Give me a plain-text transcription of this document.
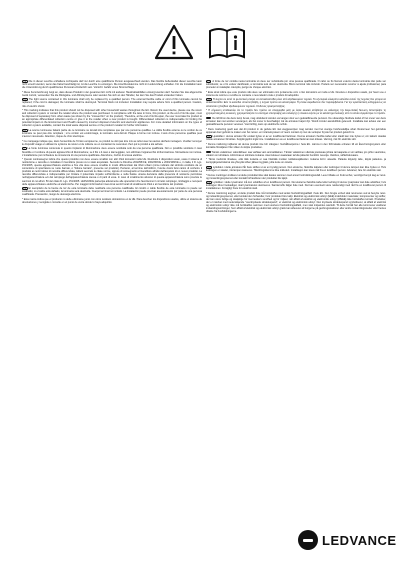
DE Die in dieser Leuchte enthaltene Lichtquelle darf nur durch eine qualifizierte Person ausgewechselt werden. Das flexible Außenkabel dieser Leuchte kann nicht ersetzt werden; wenn das Kabel beschädigt ist, ist die Leuchte zu entsorgen. Die Anschlussklemme nicht im Lieferumfang enthalten. Für die Installation kann die Unterstützung durch qualifiziertes Personal erforderlich sein. Vorsicht: Gefahr eines Stromschlags.

* Diese Kennzeichnung zeigt an, dass dieses Produkt in der gesamten EU nicht mit anderen Haushaltsabfällen entsorgt werden darf. Senden Sie das abgenutzte Gerät zurück, verwenden Sie die Rückgabe- und Abholsysteme oder wenden Sie sich an den Händler, bei dem Sie das Produkt erstanden haben.

EN The light source contained in this luminaire shall only be replaced by a qualified person. The external flexible cable or cord of this luminaire cannot be replaced; if the cord is damaged, the luminaire shall be destroyed. Terminal block not included. Installation may require advice from a qualified person. Caution, risk of electric shock.

* This marking indicates that this product should not be disposed with other household wastes throughout the EU. Return the used device, please use the return and collection system or contact the retailer where the product was purchased. In compliance with the laws in force, this product, at the end of its life-span, must be disposed of separately from urban waste (as shown by the "crossed bin" on the product). Therefore, at the end of its life-span, the user must take the product to an appropriate differentiated collection centre or give it to the retailer when a new product is bought. Differentiated collection is indispensable for limiting the potential impact on the Environment and Health caused by incorrect disposal of electric and electronic appliances. For more detailed information on the types of collection system available, contact the local waste disposal service or the product's retailer for further information.

FR La source lumineuse faisant partie de ce luminaire ne devrait être remplacée que par une personne qualifiée. Le câble flexible externe ou le cordon de ce luminaire ne peut pas être remplacé ; si le cordon est endommagé, le luminaire sera détruit. Plaque à borne non incluse. L'avis d'une personne qualifiée peut s'avérer nécessaire. Attention, risque de choc électrique.

* Ce marquage indique que, dans l'ensemble de l'Union européenne, ce produit ne doit pas être mis au rebut avec les autres déchets ménagers. Veuillez renvoyer le dispositif usagé en utilisant le système de retour et de collecte ou en contactant le revendeur chez qui le produit a été acheté.

IT La fonte luminosa contenuta in questo impianto di illuminazione deve essere sostituita solo da una persona qualificata. Non è possibile sostituire il cavo flessibile o il cordone di questo apparecchio di illuminazione; se il filo o il cavo è danneggiato, non utilizzare l'apparecchio di illuminazione. Morsettiera non inclusa. L'installazione può richiedere la consulenza di una persona qualificata. Attenzione, rischio di scossa elettrica.

* Questo contrassegno indica che questo prodotto non deve essere smaltito con altri rifiuti domestici nella UE. Restituire il dispositivo usato, usare il sistema di restituzione e raccolta o contattare il rivenditore presso cui è stato acquistato. Secondo le Direttive 2002/95/CE, 2002/96/CE e 2003/108/CE e, in Italia, il D. Lgs. 151/2005, questa apparecchiatura elettrica a fine vita deve essere smaltita in modo differenziato dai rifiuti urbani (come indicato dal simbolo costituito da un contenitore di spazzatura su ruote barrato, o "bidone barrato", presente sul prodotto). Pertanto, al termine dell'utilizzo, l'utente dovrà farsi carico di conferire il prodotto ai centri idonei di raccolta differenziata, istituiti secondo le citate norme, oppure di consegnarlo al rivenditore all'atto dell'acquisto di un nuovo prodotto. La raccolta differenziata è indispensabile per limitare il potenziale impatto sull'Ambiente e sulla Salute umana derivante dalla presenza di sostanze pericolose nell'apparecchiatura e/o dal reimpiego dell'apparecchiatura stessa o di parti di essa. In caso di smaltimento abusivo di questa apparecchiatura sono previste le sanzioni di cui all'art. 50 del citato D. Lgs. 151/2005. LEDVANCE partecipa attivamente alle operazioni che favoriscono il corretto reimpiego, riciclaggio e recupero delle apparecchiature elettriche ed elettroniche. Per maggiori informazioni inerenti ai servizi locali di smaltimento rifiuti è al rivenditore del prodotto.

ES El reemplazo de la fuente de luz de esta luminaria debe realizarla una persona cualificada. El cordón o cable flexible de esta luminaria no puede ser sustituido; si el cable está dañado, la luminaria será destruida. Cuerpo terminal no incluido. La instalación puede precisar asesoramiento por parte de una persona cualificada. Precaución, riesgo de descarga eléctrica.

* Esta marca indica que el producto no debe eliminarse junto con otros residuos domésticos en la UE. Para devolver los dispositivos usados, utilice el sistema de devoluciones y recogida o consulte en el punto de venta donde lo haya adquirido.

PT A fonte de luz contida nesta luminária só deve ser substituída por uma pessoa qualificada. O cabo ou fio flexível externo desta luminária não pode ser substituído; se o fio estiver danificado, a luminária terá de ser destruída. Bloco terminal não incluído. Poderá ser necessário recorrer à ajuda profissional, para proceder à instalação. Atenção, perigo de choque eléctrico.

* Esta sinal indica que este produto não deve ser eliminado com juntamente com o lixo doméstico em toda a UE. Devolva o dispositivo usado, por favor use o sistema de retorno e recolha ou contacte o revendedor onde o produto foi adquirido.

GR Η λυχνία σε αυτό το φωτιστικό μπορεί να αντικατασταθεί μόνο από εξειδικευμένο τεχνικό. Το εξωτερικό εύκαμπτο καλώδιο αυτού της λυχνίας δεν μπορεί να αντικατασταθεί. Εάν το καλώδιο υποστεί βλάβη, η λυχνία πρέπει να καταστραφεί. Η μπλοκ ακροδεκτών δεν περιλαμβάνεται. Για την εγκατάσταση ενδεχομένως να απαιτείται η βοήθεια εξειδικευμένου τεχνικού. Κίνδυνος ηλεκτροπληξίας.

* Η σήμανση υποδεικνύει ότι το προϊόν δεν πρέπει να απορριφθεί μαζί με άλλα οικιακά απόβλητα σε ολόκληρη την Ευρωπαϊκή Ένωση. Επιστρέψτε τη χρησιμοποιημένη συσκευή, χρησιμοποιήστε το σύστημα επιστροφής και συλλογής ή επικοινωνήστε με το κατάστημα λιανικής από το οποίο αγοράστηκε το προϊόν.

NL De lichtbron die deze lamp bevat, mag uitsluitend worden vervangen door een gekwalificeerde persoon. De uitwendige flexibele kabel of het snoer van deze armatuur kan niet worden vervangen; als het snoer is beschadigd, zal de armatuur kapot zijn. Wordt zonder aansluitblok geleverd. Installatie kan advies van een gekwalificeerde persoon vereisen. Voorzichtig, kans op elektrische schok.

* Deze markering geeft aan dat dit product in de gehele EU niet weggeworpen mag worden met het overige huishoudelijke afval. Retourneer het gebruikte apparaat door gebruik te maken van het retour- en inzamelsysteem of neem contact op met de verkoper bij wie het product gekocht is.

SE Ljuskällan i denna armatur får endast bytas ut av en kvalificerad fackman. Denna armaturs flexibla kabel eller sladd kan inte bytas ut; om kabeln skadas måste armaturen förstöras. Kopplingsplint ingår inte. Installationen av en kvalificerad fackman kan krävas. Varning, risk för elektrisk stöt.

* Denna märkning indikerar att denna produkt inte bör slängas i hushållssoporna i hela EU. Lämna in den förbrukade enheten till ett återvinningssystem eller kontakta försäljaren från vilken du köpte produkten.

FI Tämän valaisimen valonlähteen saa vaihtaa vain ammattilainen. Tämän valaisimen ulkoista joustavaa johtoa tai kaapelia ei voi vaihtaa; jos johto vaurioituu, valaisin on tuhottava. Liitinrimaa ei toimiteta mukana. Asennukseen saatetaan tarvita pätevän henkilön neuvoja. Varoitus, sähköiskuvaara.

* Tämä merkintä ilmaisee, että tätä tuotetta ei saa hävittää muiden kotitalousjätteiden mukana EU:n alueella. Palauta käytetty laite, käytä palautus- ja keräysjärjestelmää tai ota yhteyttä siihen jälleenmyyjään, jolta tuote on ostettu.

NO Lyskilden i dette armaturet får bare skiftes ut av en kyndig person. Den eksterne, fleksible kabelen eller ledningen til denne lampen kan ikke byttes ut. Hvis ledningen er skadet, må lampen kasseres. Tilkoblingsklemme ikke inkludert. Installasjon kan kreve råd fra en kvalifisert person. Advarsel, fare for elektrisk støt.

* Denne merkingen indikerer at dette produktet ikke skal kastes sammen med annet husholdningsavfall. Lever tilbake en brukt enhet, vennligst benytt deg av retur- og innsamlingssystemet eller kontakt forhandleren der produktet ble kjøpt.

DK Lyskilden i dette lysarmatur må kun udskiftes af en kvalificeret person. Det eksterne fleksible kabel eller ledning til denne lysarmatur kan ikke udskiftes; hvis ledningen bliver beskadiget, skal lysarmaturet destrueres. Samlemuffe følger ikke med. Det kan eventuelt være nødvendigt med råd fra en kvalificeret person til installationen. Forsigtig! Fare for elektrisk stød.

* Denne mærkning angiver, at dette produkt ikke må bortskaffes med andet husholdningsaffald i hele EU. Den brugte enhed skal returneres ved at benytte retur- og indsamlingssystemet, eller kontakt den forhandler, hvor produktet blev købt. Elektrisk og elektronisk udstyr (EEE) indeholder materialer, komponenter og stoffer, der kan være farlige og skadelige for menneskers sundhed og for miljøet, når affald af elektrisk og elektronisk udstyr (WEEE) ikke bortskaffes korrekt. Produkter, der er mærket med nedenstående "overkrydsede skraldespand", er elektrisk og elektronisk udstyr. Den krydsede skraldespand symboliserer, at affald af elektrisk og elektronisk udstyr ikke må bortskaffes sammen med usorteret husholdningsaffald, men skal indsamles særskilt. Til dette formål har alle kommuner etableret indsamlingsordninger, hvor affald af elektrisk og elektronisk udstyr gratis kan afleveres af borgerne på genbrugsstationer eller andre indsamlingssteder eller hentes direkte fra husholdningerne.

LEDVANCE
